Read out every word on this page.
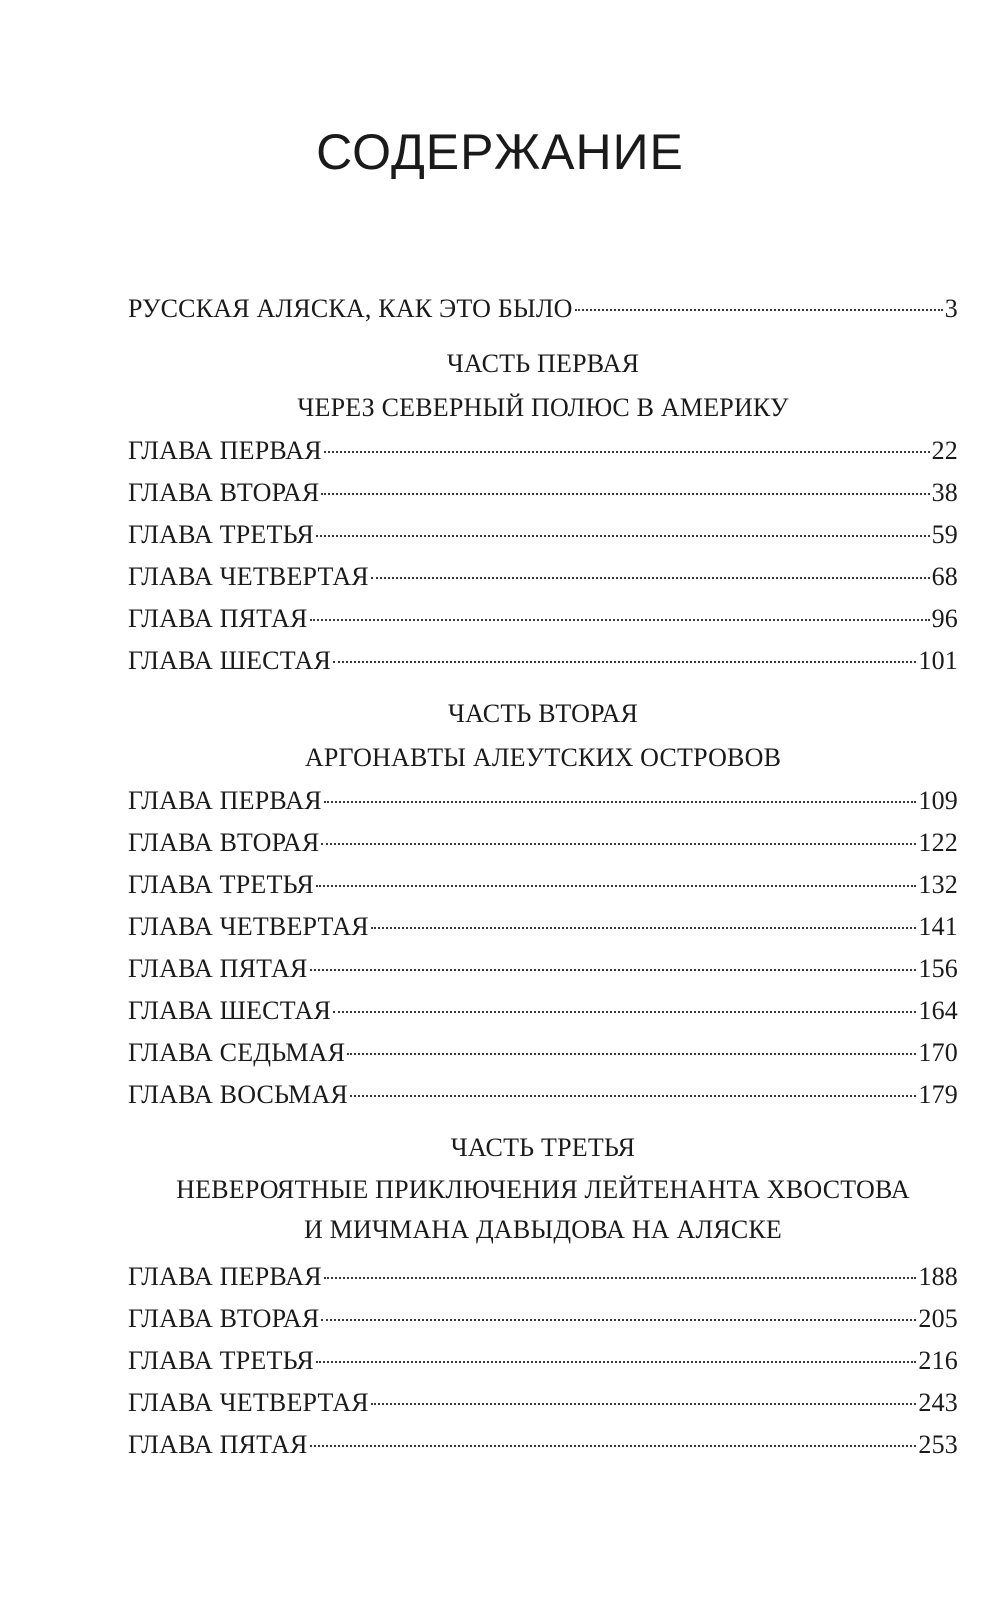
СОДЕРЖАНИЕ
РУССКАЯ АЛЯСКА, КАК ЭТО БЫЛО	3
ЧАСТЬ ПЕРВАЯ
ЧЕРЕЗ СЕВЕРНЫЙ ПОЛЮС В АМЕРИКУ
ГЛАВА ПЕРВАЯ	22
ГЛАВА ВТОРАЯ	38
ГЛАВА ТРЕТЬЯ	59
ГЛАВА ЧЕТВЕРТАЯ	68
ГЛАВА ПЯТАЯ	96
ГЛАВА ШЕСТАЯ	101
ЧАСТЬ ВТОРАЯ
АРГОНАВТЫ АЛЕУТСКИХ ОСТРОВОВ
ГЛАВА ПЕРВАЯ	109
ГЛАВА ВТОРАЯ	122
ГЛАВА ТРЕТЬЯ	132
ГЛАВА ЧЕТВЕРТАЯ	141
ГЛАВА ПЯТАЯ	156
ГЛАВА ШЕСТАЯ	164
ГЛАВА СЕДЬМАЯ	170
ГЛАВА ВОСЬМАЯ	179
ЧАСТЬ ТРЕТЬЯ
НЕВЕРОЯТНЫЕ ПРИКЛЮЧЕНИЯ ЛЕЙТЕНАНТА ХВОСТОВА
И МИЧМАНА ДАВЫДОВА НА АЛЯСКЕ
ГЛАВА ПЕРВАЯ	188
ГЛАВА ВТОРАЯ	205
ГЛАВА ТРЕТЬЯ	216
ГЛАВА ЧЕТВЕРТАЯ	243
ГЛАВА ПЯТАЯ	253
